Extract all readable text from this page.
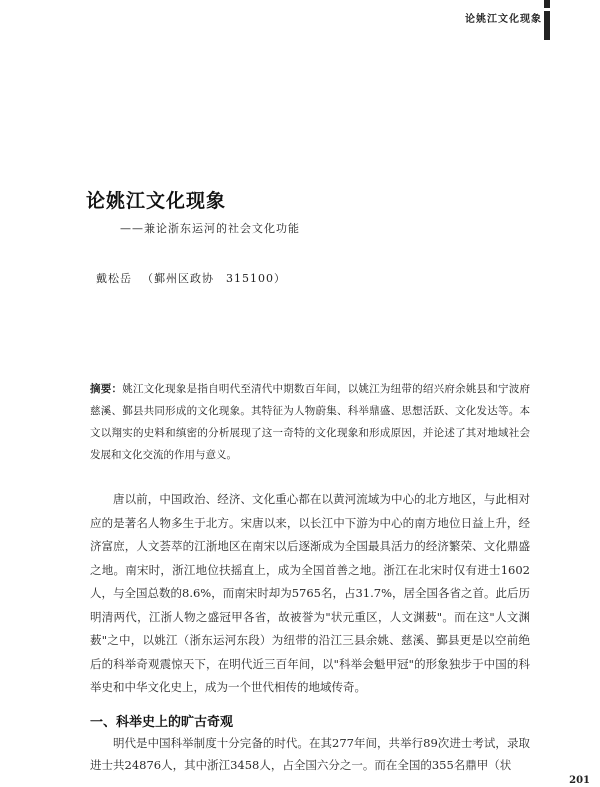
论姚江文化现象
论姚江文化现象
——兼论浙东运河的社会文化功能
戴松岳 （鄞州区政协　315100）

摘要：姚江文化现象是指自明代至清代中期数百年间，以姚江为纽带的绍兴府余姚县和宁波府慈溪、鄞县共同形成的文化现象。其特征为人物蔚集、科举鼎盛、思想活跃、文化发达等。本文以翔实的史料和缜密的分析展现了这一奇特的文化现象和形成原因，并论述了其对地域社会发展和文化交流的作用与意义。

唐以前，中国政治、经济、文化重心都在以黄河流域为中心的北方地区，与此相对应的是著名人物多生于北方。宋唐以来，以长江中下游为中心的南方地位日益上升，经济富庶，人文荟萃的江浙地区在南宋以后逐渐成为全国最具活力的经济繁荣、文化鼎盛之地。南宋时，浙江地位扶摇直上，成为全国首善之地。浙江在北宋时仅有进士1602人，与全国总数的8.6%，而南宋时却为5765名，占31.7%，居全国各省之首。此后历明清两代，江浙人物之盛冠甲各省，故被誉为"状元重区，人文渊薮"。而在这"人文渊薮"之中，以姚江（浙东运河东段）为纽带的沿江三县余姚、慈溪、鄞县更是以空前绝后的科举奇观震惊天下，在明代近三百年间，以"科举会魁甲冠"的形象独步于中国的科举史和中华文化史上，成为一个世代相传的地域传奇。

一、科举史上的旷古奇观

明代是中国科举制度十分完备的时代。在其277年间，共举行89次进士考试，录取进士共24876人，其中浙江3458人，占全国六分之一。而在全国的355名鼎甲（状

201
